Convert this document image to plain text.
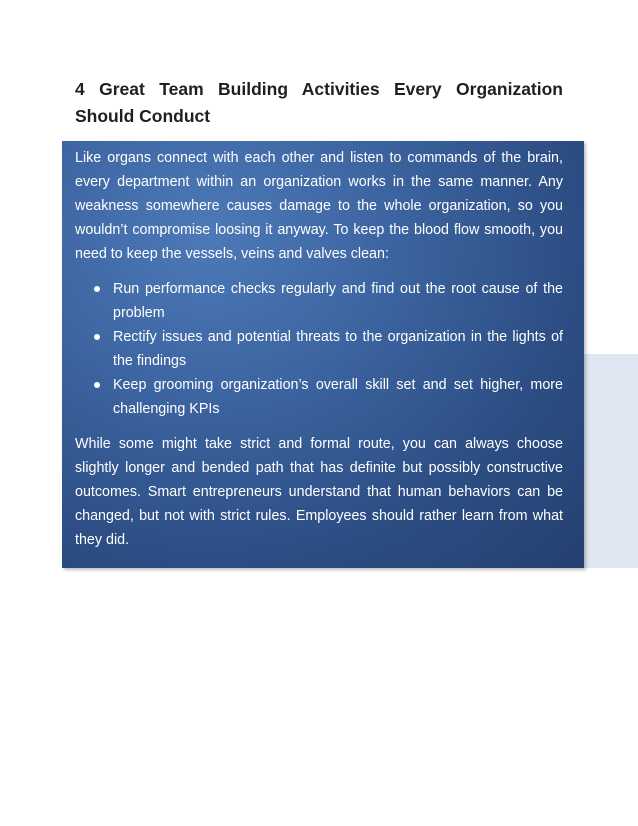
4 Great Team Building Activities Every Organization Should Conduct

Like organs connect with each other and listen to commands of the brain, every department within an organization works in the same manner. Any weakness somewhere causes damage to the whole organization, so you wouldn’t compromise loosing it anyway. To keep the blood flow smooth, you need to keep the vessels, veins and valves clean:

Run performance checks regularly and find out the root cause of the problem
Rectify issues and potential threats to the organization in the lights of the findings
Keep grooming organization’s overall skill set and set higher, more challenging KPIs

While some might take strict and formal route, you can always choose slightly longer and bended path that has definite but possibly constructive outcomes. Smart entrepreneurs understand that human behaviors can be changed, but not with strict rules. Employees should rather learn from what they did.
